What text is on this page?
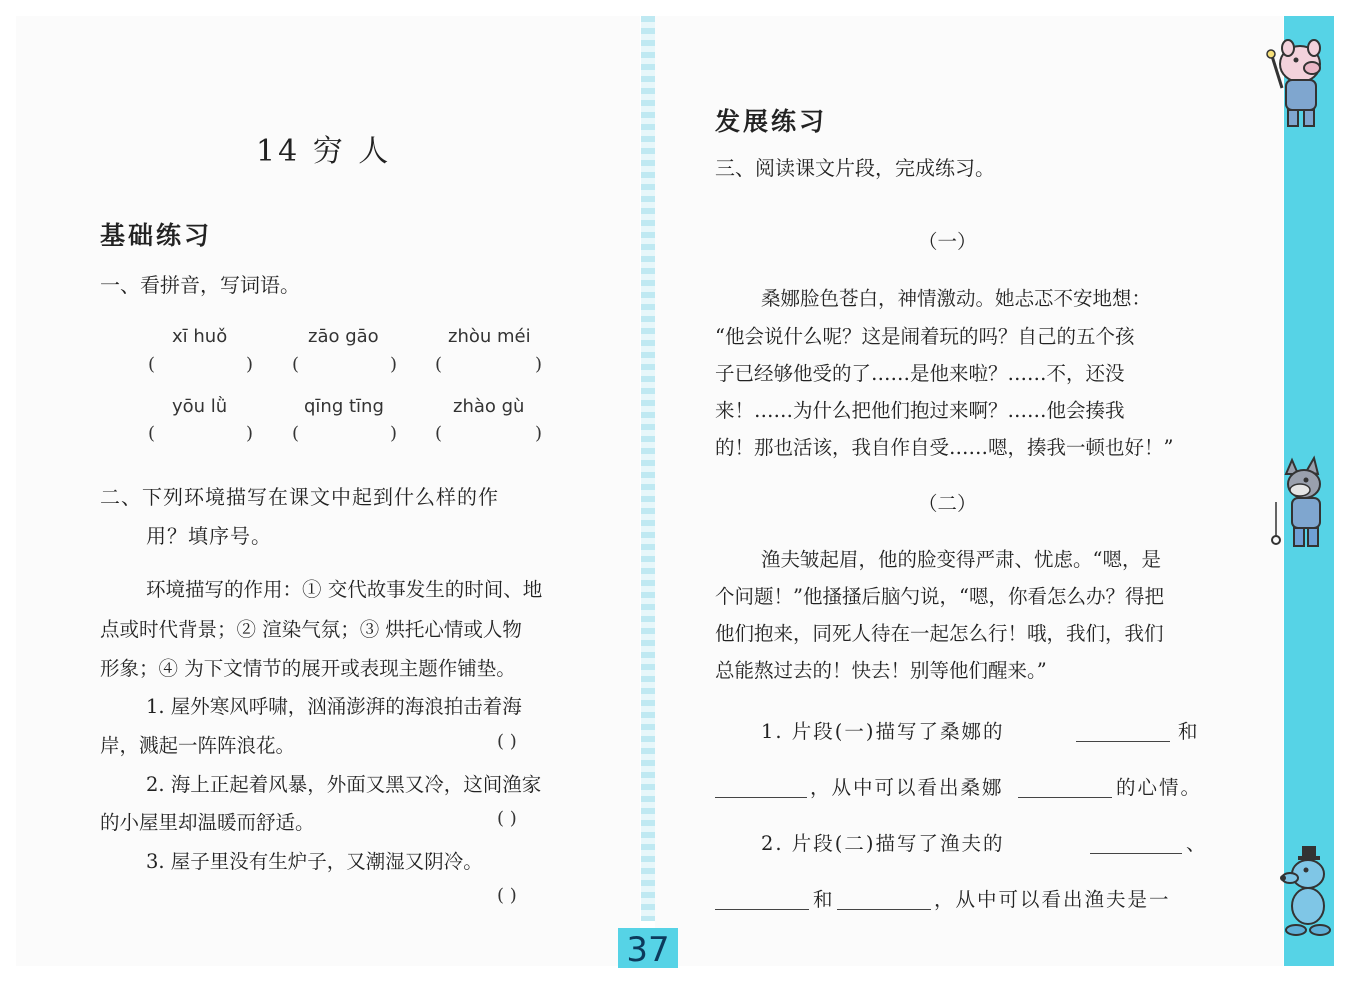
37
14 穷 人
基础练习
一、看拼音，写词语。
xī huǒ	zāo gāo	zhòu méi
(	) (	) (	)
yōu lǜ	qīng tīng	zhào gù
(	) (	) (	)
二、下列环境描写在课文中起到什么样的作
用？填序号。
环境描写的作用：① 交代故事发生的时间、地
点或时代背景；② 渲染气氛；③ 烘托心情或人物
形象；④ 为下文情节的展开或表现主题作铺垫。
1. 屋外寒风呼啸，汹涌澎湃的海浪拍击着海
岸，溅起一阵阵浪花。	( )
2. 海上正起着风暴，外面又黑又冷，这间渔家
的小屋里却温暖而舒适。	( )
3. 屋子里没有生炉子，又潮湿又阴冷。
( )
发展练习
三、阅读课文片段，完成练习。
（一）
桑娜脸色苍白，神情激动。她忐忑不安地想：
“他会说什么呢？这是闹着玩的吗？自己的五个孩
子已经够他受的了……是他来啦？……不，还没
来！……为什么把他们抱过来啊？……他会揍我
的！那也活该，我自作自受……嗯，揍我一顿也好！”
（二）
渔夫皱起眉，他的脸变得严肃、忧虑。“嗯，是
个问题！”他搔搔后脑勺说，“嗯，你看怎么办？得把
他们抱来，同死人待在一起怎么行！哦，我们，我们
总能熬过去的！快去！别等他们醒来。”
1. 片段(一)描写了桑娜的	和
，从中可以看出桑娜	的心情。
2. 片段(二)描写了渔夫的	、
和	，从中可以看出渔夫是一
